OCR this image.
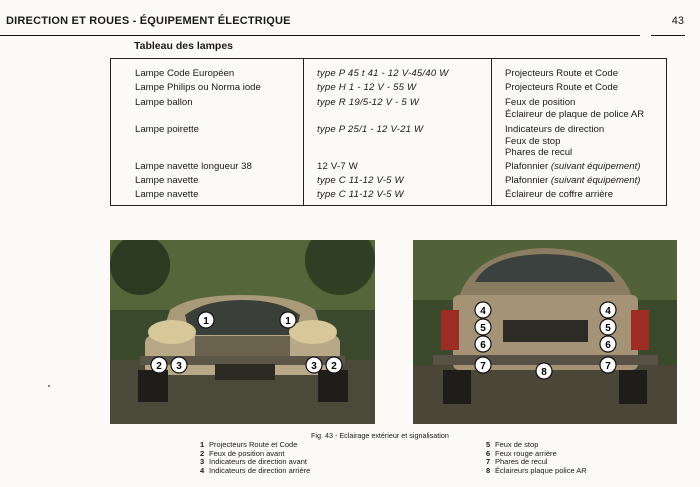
DIRECTION ET ROUES - ÉQUIPEMENT ÉLECTRIQUE	43
Tableau des lampes
Lampe Code Européen	type P 45 t 41 - 12 V-45/40 W	Projecteurs Route et Code
Lampe Philips ou Norma iode	type H 1 - 12 V - 55 W	Projecteurs Route et Code
Lampe ballon	type R 19/5-12 V - 5 W	Feux de position
Éclaireur de plaque de police AR
Lampe poirette	type P 25/1 - 12 V-21 W	Indicateurs de direction
Feux de stop
Phares de recul
Lampe navette longueur 38	12 V-7 W	Plafonnier (suivant équipement)
Lampe navette	type C 11-12 V-5 W	Plafonnier (suivant équipement)
Lampe navette	type C 11-12 V-5 W	Éclaireur de coffre arrière
1	1
2 3	3 2
4
5
6
7
4
5
6
7
8
Fig. 43 - Eclairage extérieur et signalisation
1 Projecteurs Route et Code
2 Feux de position avant
3 Indicateurs de direction avant
4 Indicateurs de direction arrière
5 Feux de stop
6 Feux rouge arrière
7 Phares de recul
8 Éclaireurs plaque police AR
